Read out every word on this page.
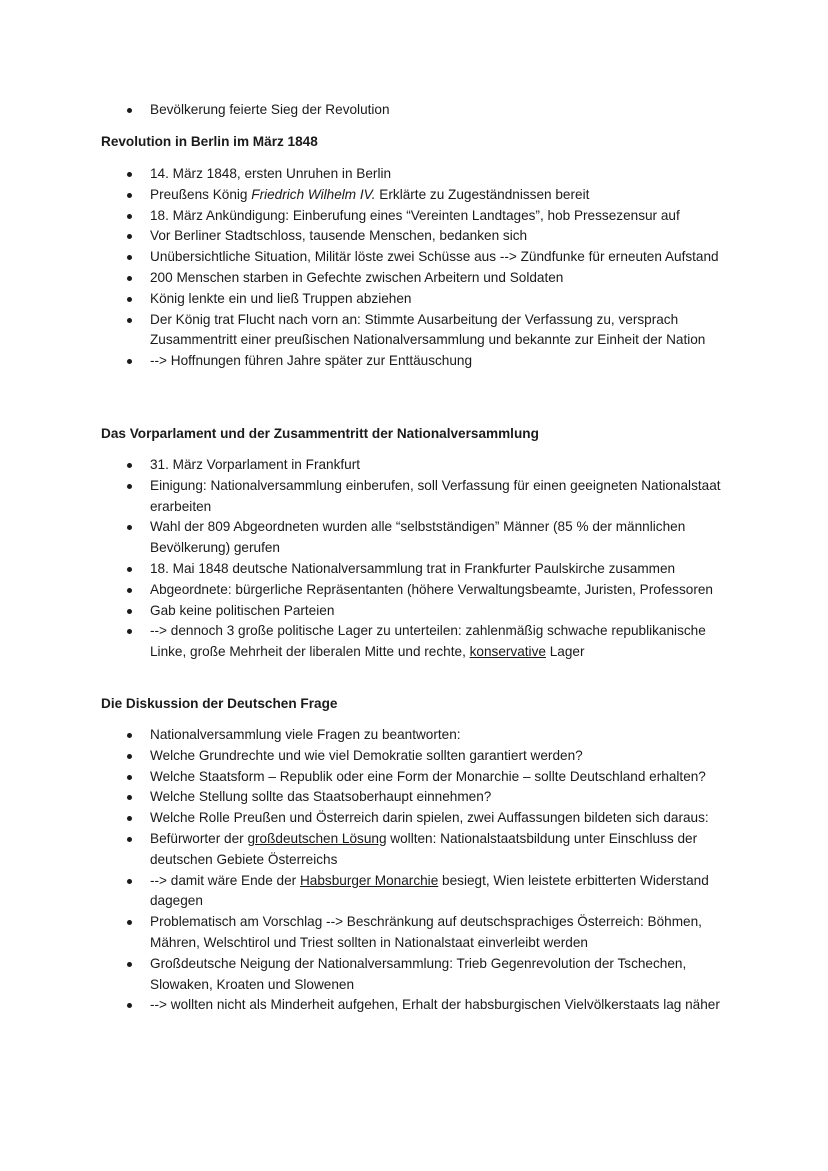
Bevölkerung feierte Sieg der Revolution
Revolution in Berlin im März 1848
14. März 1848, ersten Unruhen in Berlin
Preußens König Friedrich Wilhelm IV. Erklärte zu Zugeständnissen bereit
18. März Ankündigung: Einberufung eines “Vereinten Landtages”, hob Pressezensur auf
Vor Berliner Stadtschloss, tausende Menschen, bedanken sich
Unübersichtliche Situation, Militär löste zwei Schüsse aus --> Zündfunke für erneuten Aufstand
200 Menschen starben in Gefechte zwischen Arbeitern und Soldaten
König lenkte ein und ließ Truppen abziehen
Der König trat Flucht nach vorn an: Stimmte Ausarbeitung der Verfassung zu, versprach Zusammentritt einer preußischen Nationalversammlung und bekannte zur Einheit der Nation
--> Hoffnungen führen Jahre später zur Enttäuschung
Das Vorparlament und der Zusammentritt der Nationalversammlung
31. März Vorparlament in Frankfurt
Einigung: Nationalversammlung einberufen, soll Verfassung für einen geeigneten Nationalstaat erarbeiten
Wahl der 809 Abgeordneten wurden alle “selbstständigen” Männer (85 % der männlichen Bevölkerung) gerufen
18. Mai 1848 deutsche Nationalversammlung trat in Frankfurter Paulskirche zusammen
Abgeordnete: bürgerliche Repräsentanten (höhere Verwaltungsbeamte, Juristen, Professoren
Gab keine politischen Parteien
--> dennoch 3 große politische Lager zu unterteilen: zahlenmäßig schwache republikanische Linke, große Mehrheit der liberalen Mitte und rechte, konservative Lager
Die Diskussion der Deutschen Frage
Nationalversammlung viele Fragen zu beantworten:
Welche Grundrechte und wie viel Demokratie sollten garantiert werden?
Welche Staatsform – Republik oder eine Form der Monarchie – sollte Deutschland erhalten?
Welche Stellung sollte das Staatsoberhaupt einnehmen?
Welche Rolle Preußen und Österreich darin spielen, zwei Auffassungen bildeten sich daraus:
Befürworter der großdeutschen Lösung wollten: Nationalstaatsbildung unter Einschluss der deutschen Gebiete Österreichs
--> damit wäre Ende der Habsburger Monarchie besiegt, Wien leistete erbitterten Widerstand dagegen
Problematisch am Vorschlag --> Beschränkung auf deutschsprachiges Österreich: Böhmen, Mähren, Welschtirol und Triest sollten in Nationalstaat einverleibt werden
Großdeutsche Neigung der Nationalversammlung: Trieb Gegenrevolution der Tschechen, Slowaken, Kroaten und Slowenen
--> wollten nicht als Minderheit aufgehen, Erhalt der habsburgischen Vielvölkerstaats lag näher
